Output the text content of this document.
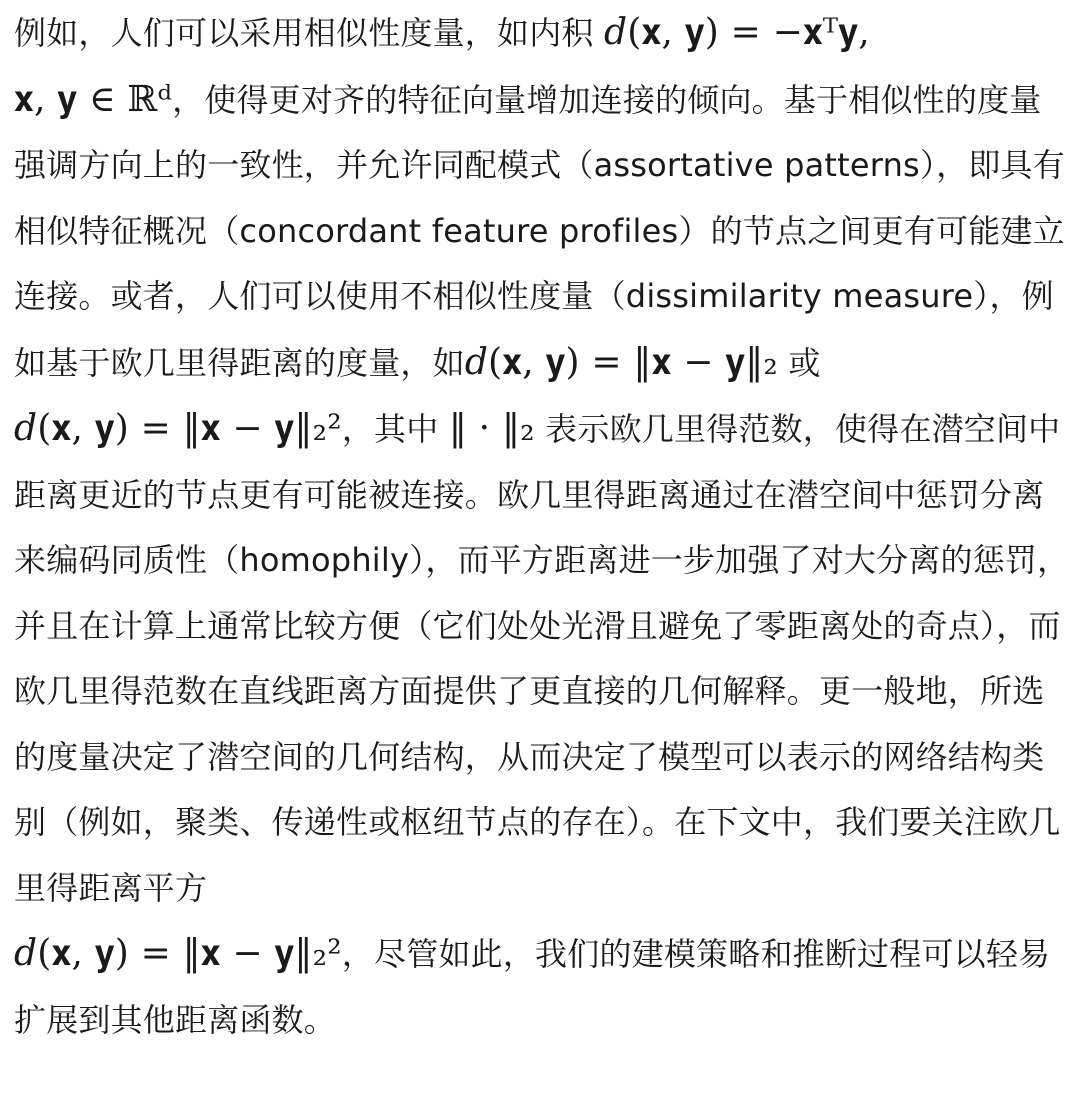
例如，人们可以采用相似性度量，如内积 𝑑(𝐱, 𝐲) = −𝐱ᵀ𝐲,
𝐱, 𝐲 ∈ ℝᵈ，使得更对齐的特征向量增加连接的倾向。基于相似性的度量强调方向上的一致性，并允许同配模式（assortative patterns），即具有相似特征概况（concordant feature profiles）的节点之间更有可能建立连接。或者，人们可以使用不相似性度量（dissimilarity measure），例如基于欧几里得距离的度量，如𝑑(𝐱, 𝐲) = ‖𝐱 − 𝐲‖₂ 或 𝑑(𝐱, 𝐲) = ‖𝐱 − 𝐲‖₂²，其中 ‖ · ‖₂ 表示欧几里得范数，使得在潜空间中距离更近的节点更有可能被连接。欧几里得距离通过在潜空间中惩罚分离来编码同质性（homophily），而平方距离进一步加强了对大分离的惩罚，并且在计算上通常比较方便（它们处处光滑且避免了零距离处的奇点），而欧几里得范数在直线距离方面提供了更直接的几何解释。更一般地，所选的度量决定了潜空间的几何结构，从而决定了模型可以表示的网络结构类别（例如，聚类、传递性或枢纽节点的存在）。在下文中，我们要关注欧几里得距离平方
𝑑(𝐱, 𝐲) = ‖𝐱 − 𝐲‖₂²，尽管如此，我们的建模策略和推断过程可以轻易扩展到其他距离函数。
